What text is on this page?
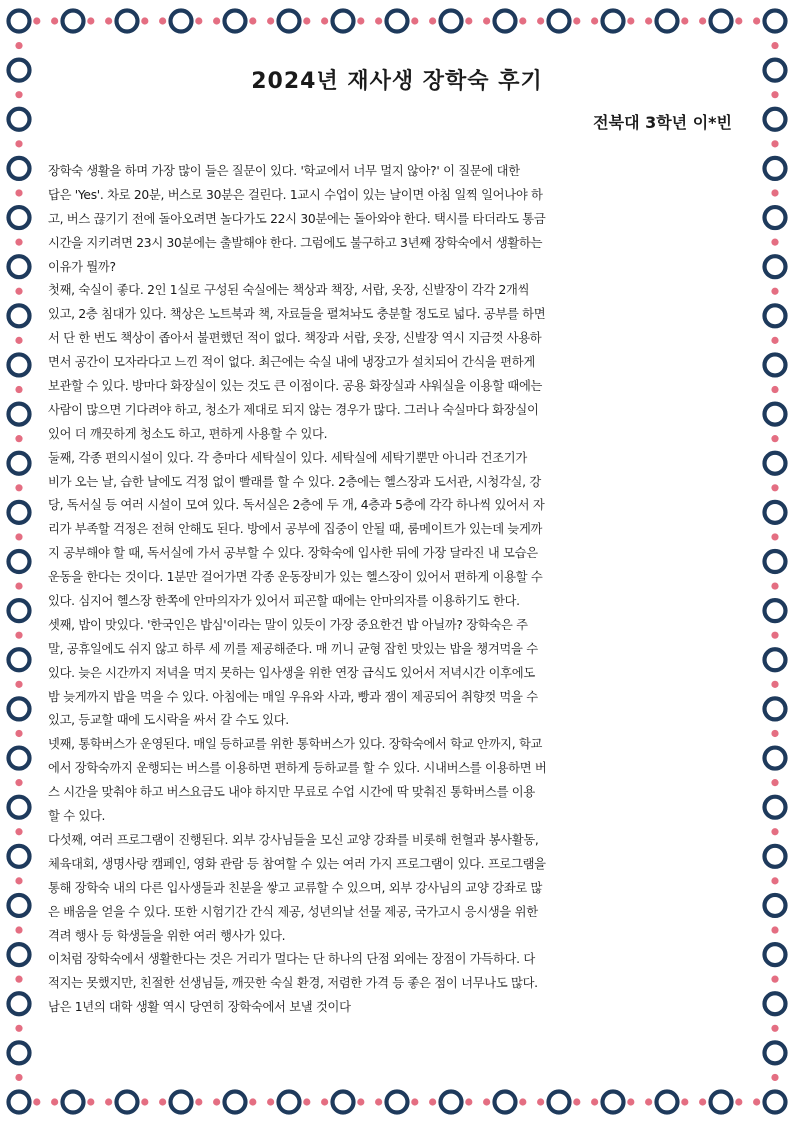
2024년 재사생 장학숙 후기

전북대 3학년 이*빈

장학숙 생활을 하며 가장 많이 들은 질문이 있다. '학교에서 너무 멀지 않아?' 이 질문에 대한
답은 'Yes'. 차로 20분, 버스로 30분은 걸린다. 1교시 수업이 있는 날이면 아침 일찍 일어나야 하
고, 버스 끊기기 전에 돌아오려면 놀다가도 22시 30분에는 돌아와야 한다. 택시를 타더라도 통금
시간을 지키려면 23시 30분에는 출발해야 한다. 그럼에도 불구하고 3년째 장학숙에서 생활하는
이유가 뭘까?
첫째, 숙실이 좋다. 2인 1실로 구성된 숙실에는 책상과 책장, 서랍, 옷장, 신발장이 각각 2개씩
있고, 2층 침대가 있다. 책상은 노트북과 책, 자료들을 펼쳐놔도 충분할 정도로 넓다. 공부를 하면
서 단 한 번도 책상이 좁아서 불편했던 적이 없다. 책장과 서랍, 옷장, 신발장 역시 지금껏 사용하
면서 공간이 모자라다고 느낀 적이 없다. 최근에는 숙실 내에 냉장고가 설치되어 간식을 편하게
보관할 수 있다. 방마다 화장실이 있는 것도 큰 이점이다. 공용 화장실과 샤워실을 이용할 때에는
사람이 많으면 기다려야 하고, 청소가 제대로 되지 않는 경우가 많다. 그러나 숙실마다 화장실이
있어 더 깨끗하게 청소도 하고, 편하게 사용할 수 있다.
둘째, 각종 편의시설이 있다. 각 층마다 세탁실이 있다. 세탁실에 세탁기뿐만 아니라 건조기가
비가 오는 날, 습한 날에도 걱정 없이 빨래를 할 수 있다. 2층에는 헬스장과 도서관, 시청각실, 강
당, 독서실 등 여러 시설이 모여 있다. 독서실은 2층에 두 개, 4층과 5층에 각각 하나씩 있어서 자
리가 부족할 걱정은 전혀 안해도 된다. 방에서 공부에 집중이 안될 때, 룸메이트가 있는데 늦게까
지 공부해야 할 때, 독서실에 가서 공부할 수 있다. 장학숙에 입사한 뒤에 가장 달라진 내 모습은
운동을 한다는 것이다. 1분만 걸어가면 각종 운동장비가 있는 헬스장이 있어서 편하게 이용할 수
있다. 심지어 헬스장 한쪽에 안마의자가 있어서 피곤할 때에는 안마의자를 이용하기도 한다.
셋째, 밥이 맛있다. '한국인은 밥심'이라는 말이 있듯이 가장 중요한건 밥 아닐까? 장학숙은 주
말, 공휴일에도 쉬지 않고 하루 세 끼를 제공해준다. 매 끼니 균형 잡힌 맛있는 밥을 챙겨먹을 수
있다. 늦은 시간까지 저녁을 먹지 못하는 입사생을 위한 연장 급식도 있어서 저녁시간 이후에도
밤 늦게까지 밥을 먹을 수 있다. 아침에는 매일 우유와 사과, 빵과 잼이 제공되어 취향껏 먹을 수
있고, 등교할 때에 도시락을 싸서 갈 수도 있다.
넷째, 통학버스가 운영된다. 매일 등하교를 위한 통학버스가 있다. 장학숙에서 학교 안까지, 학교
에서 장학숙까지 운행되는 버스를 이용하면 편하게 등하교를 할 수 있다. 시내버스를 이용하면 버
스 시간을 맞춰야 하고 버스요금도 내야 하지만 무료로 수업 시간에 딱 맞춰진 통학버스를 이용
할 수 있다.
다섯째, 여러 프로그램이 진행된다. 외부 강사님들을 모신 교양 강좌를 비롯해 헌혈과 봉사활동,
체육대회, 생명사랑 캠페인, 영화 관람 등 참여할 수 있는 여러 가지 프로그램이 있다. 프로그램을
통해 장학숙 내의 다른 입사생들과 친분을 쌓고 교류할 수 있으며, 외부 강사님의 교양 강좌로 많
은 배움을 얻을 수 있다. 또한 시험기간 간식 제공, 성년의날 선물 제공, 국가고시 응시생을 위한
격려 행사 등 학생들을 위한 여러 행사가 있다.
이처럼 장학숙에서 생활한다는 것은 거리가 멀다는 단 하나의 단점 외에는 장점이 가득하다. 다
적지는 못했지만, 친절한 선생님들, 깨끗한 숙실 환경, 저렴한 가격 등 좋은 점이 너무나도 많다.
남은 1년의 대학 생활 역시 당연히 장학숙에서 보낼 것이다
